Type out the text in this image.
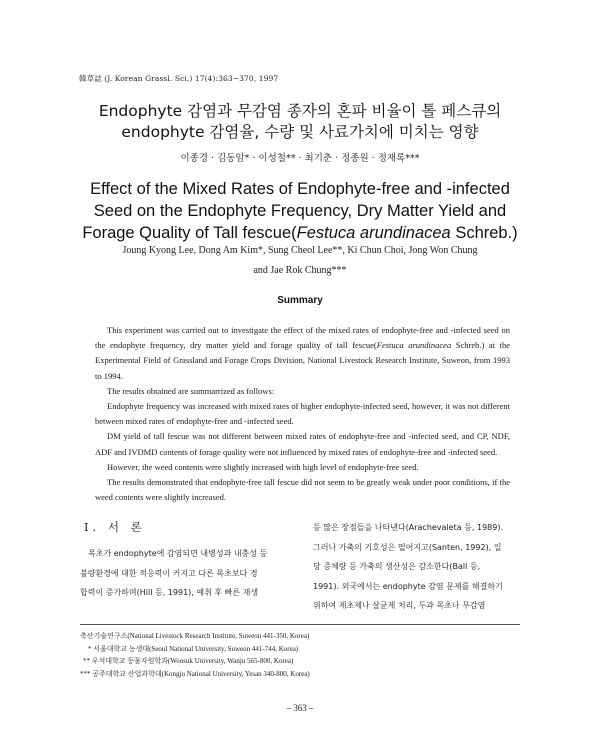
韓草誌 (J. Korean Grassl. Sci.) 17(4):363~370, 1997
Endophyte 감염과 무감염 종자의 혼파 비율이 톨 페스큐의
endophyte 감염율, 수량 및 사료가치에 미치는 영향
이종경 · 김동암* · 이성철** · 최기춘 · 정종원 · 정재록***
Effect of the Mixed Rates of Endophyte-free and -infected
Seed on the Endophyte Frequency, Dry Matter Yield and
Forage Quality of Tall fescue(Festuca arundinacea Schreb.)
Joung Kyong Lee, Dong Am Kim*, Sung Cheol Lee**, Ki Chun Choi, Jong Won Chung
and Jae Rok Chung***
Summary

This experiment was carried out to investigate the effect of the mixed rates of endophyte-free and -infected seed on the endophyte frequency, dry matter yield and forage quality of tall fescue(Festuca arundinacea Schreb.) at the Experimental Field of Grassland and Forage Crops Division, National Livestock Research Institute, Suweon, from 1993 to 1994.

The results obtained are summarrized as follows:

Endophyte frequency was increased with mixed rates of higher endophyte-infected seed, however, it was not different between mixed rates of endophyte-free and -infected seed.

DM yield of tall fescue was not different between mixed rates of endophyte-free and -infected seed, and CP, NDF, ADF and IVDMD contents of forage quality were not influenced by mixed rates of endophyte-free and -infected seed.

However, the weed contents were slightly increased with high level of endophyte-free seed.

The results demonstrated that endophyte-free tall fescue did not seem to be greatly weak under poor conditions, if the weed contents were slightly increased.

Ⅰ. 서 론

목초가 endophyte에 감염되면 내병성과 내충성 등
불량환경에 대한 적응력이 커지고 다른 목초보다 경
합력이 증가하며(Hill 등, 1991), 예취 후 빠른 재생

등 많은 장점들을 나타낸다(Arachevaleta 등, 1989).
그러나 가축의 기호성은 떨어지고(Santen, 1992), 일
당 증체량 등 가축의 생산성은 감소한다(Ball 등,
1991). 외국에서는 endophyte 감염 문제를 해결하기
위하여 제초제나 살균제 처리, 두과 목초나 무감염

축산기술연구소(National Livestock Research Institute, Suweon 441-350, Korea)
* 서울대학교 농생대(Seoul National University, Suweon 441-744, Korea)
** 우석대학교 동물자원학과(Woosuk University, Wanju 565-800, Korea)
*** 공주대학교 산업과학대(Kongju National University, Yesan 340-800, Korea)
– 363 –
